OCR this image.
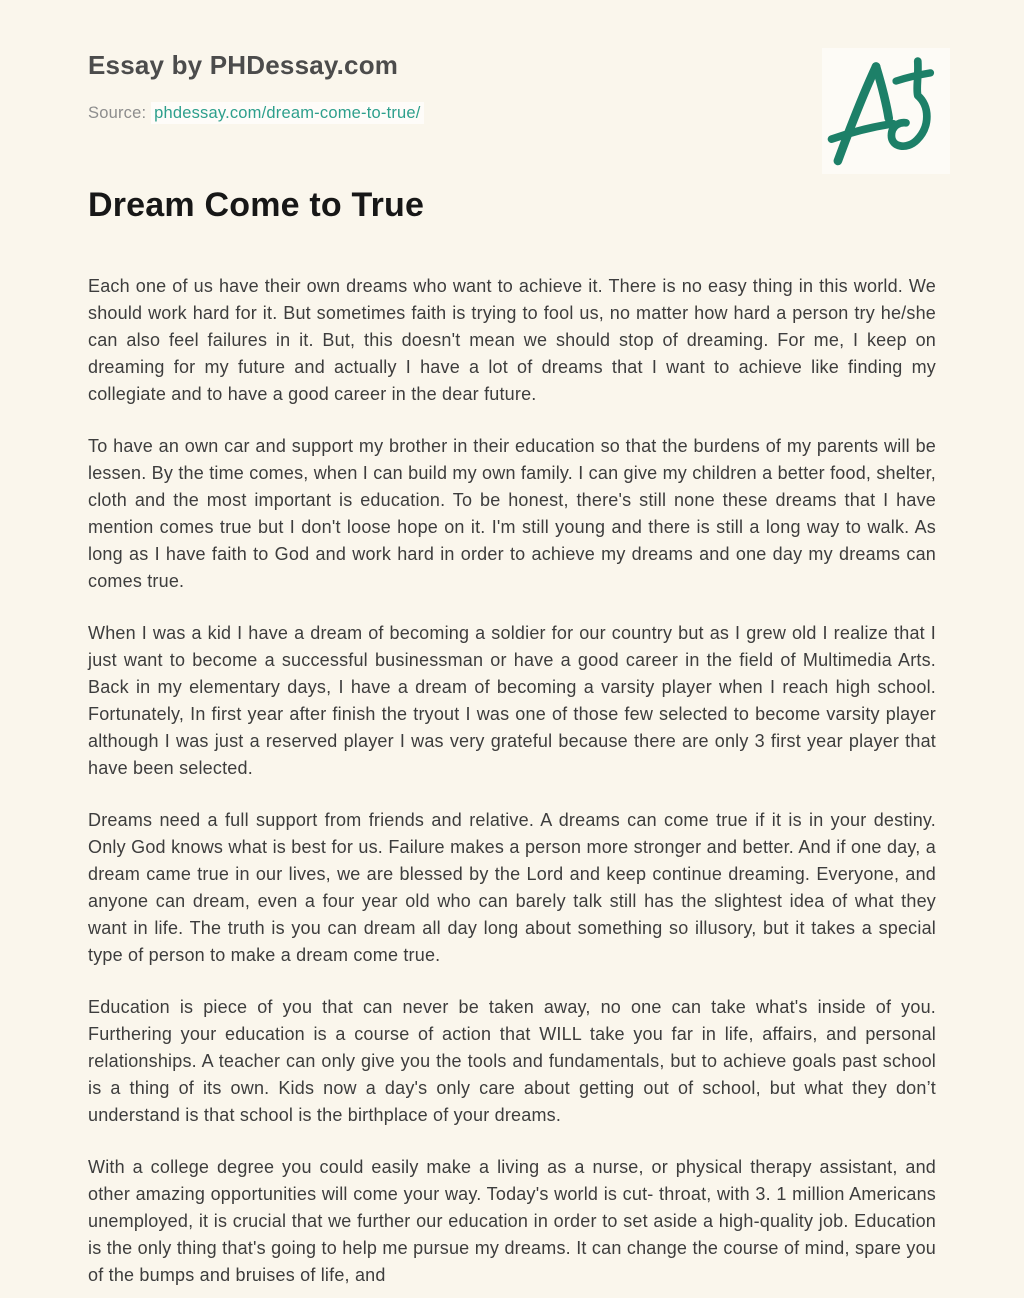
Essay by PHDessay.com
Source: phdessay.com/dream-come-to-true/
Dream Come to True

Each one of us have their own dreams who want to achieve it. There is no easy thing in this world. We should work hard for it. But sometimes faith is trying to fool us, no matter how hard a person try he/she can also feel failures in it. But, this doesn't mean we should stop of dreaming. For me, I keep on dreaming for my future and actually I have a lot of dreams that I want to achieve like finding my collegiate and to have a good career in the dear future.

To have an own car and support my brother in their education so that the burdens of my parents will be lessen. By the time comes, when I can build my own family. I can give my children a better food, shelter, cloth and the most important is education. To be honest, there's still none these dreams that I have mention comes true but I don't loose hope on it. I'm still young and there is still a long way to walk. As long as I have faith to God and work hard in order to achieve my dreams and one day my dreams can comes true.

When I was a kid I have a dream of becoming a soldier for our country but as I grew old I realize that I just want to become a successful businessman or have a good career in the field of Multimedia Arts. Back in my elementary days, I have a dream of becoming a varsity player when I reach high school. Fortunately, In first year after finish the tryout I was one of those few selected to become varsity player although I was just a reserved player I was very grateful because there are only 3 first year player that have been selected.

Dreams need a full support from friends and relative. A dreams can come true if it is in your destiny. Only God knows what is best for us. Failure makes a person more stronger and better. And if one day, a dream came true in our lives, we are blessed by the Lord and keep continue dreaming. Everyone, and anyone can dream, even a four year old who can barely talk still has the slightest idea of what they want in life. The truth is you can dream all day long about something so illusory, but it takes a special type of person to make a dream come true.

Education is piece of you that can never be taken away, no one can take what's inside of you. Furthering your education is a course of action that WILL take you far in life, affairs, and personal relationships. A teacher can only give you the tools and fundamentals, but to achieve goals past school is a thing of its own. Kids now a day's only care about getting out of school, but what they don’t understand is that school is the birthplace of your dreams.

With a college degree you could easily make a living as a nurse, or physical therapy assistant, and other amazing opportunities will come your way. Today's world is cut- throat, with 3. 1 million Americans unemployed, it is crucial that we further our education in order to set aside a high-quality job. Education is the only thing that's going to help me pursue my dreams. It can change the course of mind, spare you of the bumps and bruises of life, and
